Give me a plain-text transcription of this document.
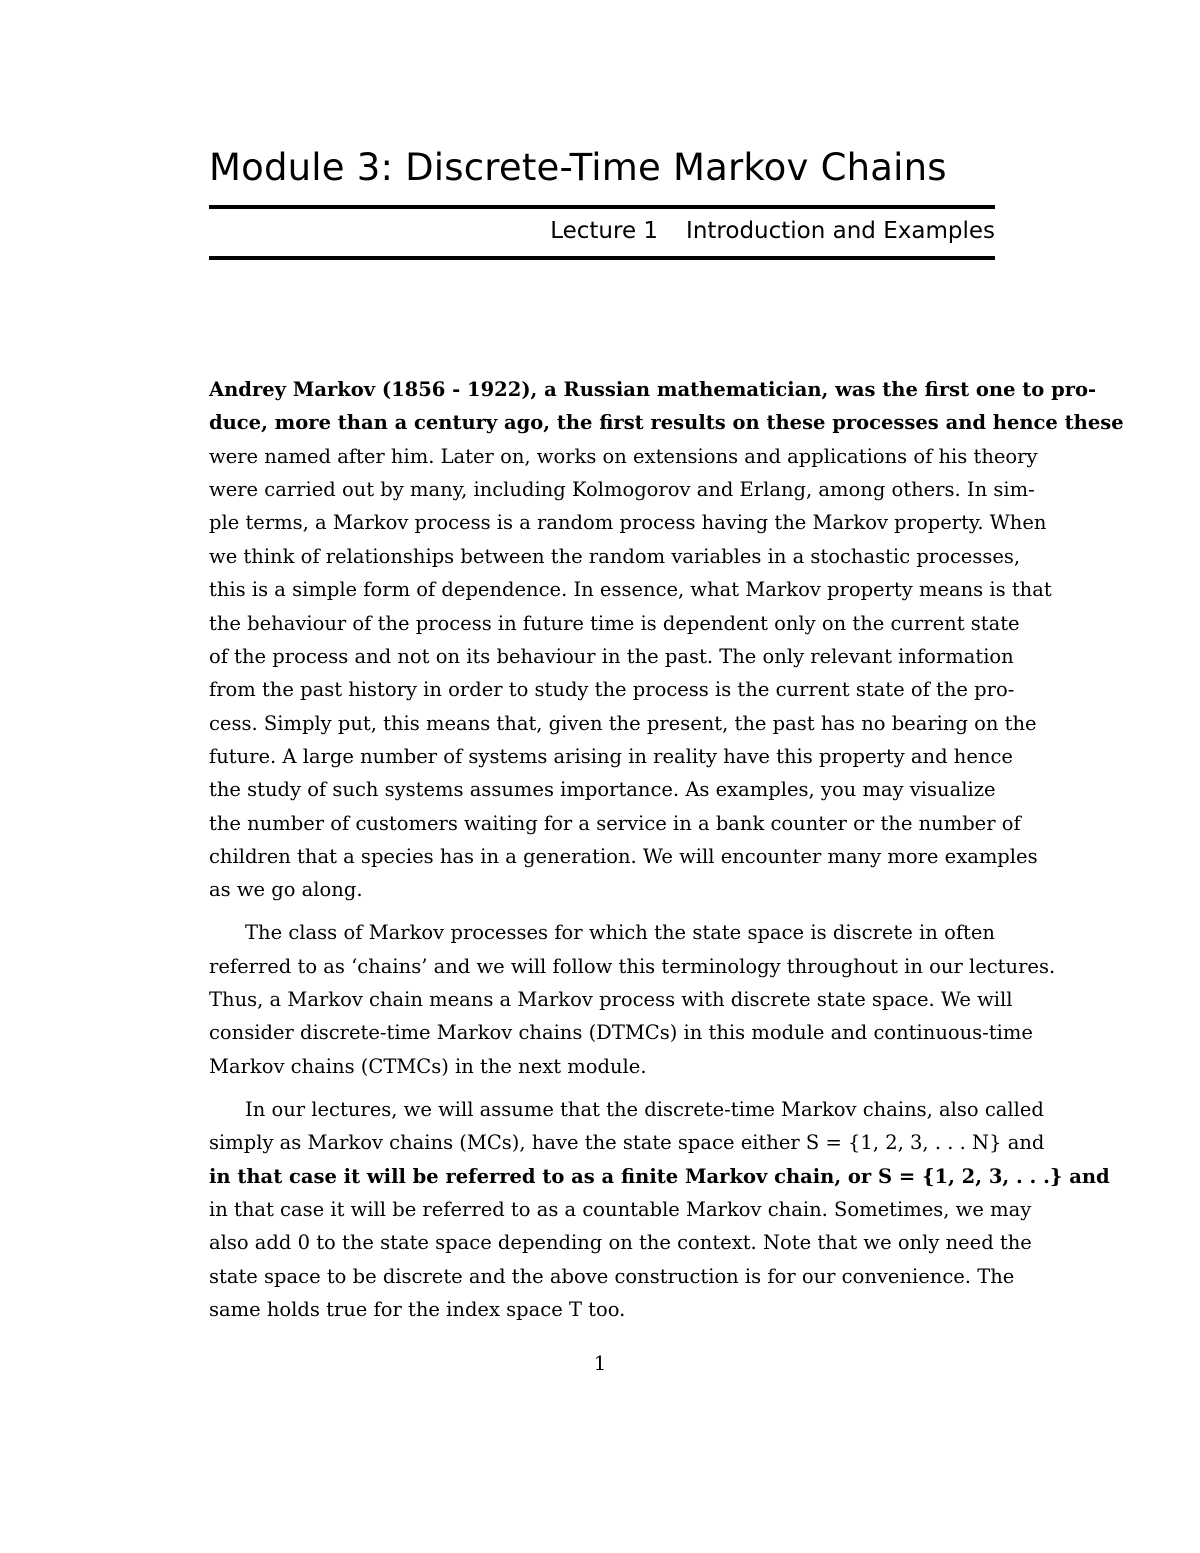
Module 3: Discrete-Time Markov Chains
Lecture 1 Introduction and Examples
Andrey Markov (1856 - 1922), a Russian mathematician, was the first one to pro-
duce, more than a century ago, the first results on these processes and hence these
were named after him. Later on, works on extensions and applications of his theory
were carried out by many, including Kolmogorov and Erlang, among others. In sim-
ple terms, a Markov process is a random process having the Markov property. When
we think of relationships between the random variables in a stochastic processes,
this is a simple form of dependence. In essence, what Markov property means is that
the behaviour of the process in future time is dependent only on the current state
of the process and not on its behaviour in the past. The only relevant information
from the past history in order to study the process is the current state of the pro-
cess. Simply put, this means that, given the present, the past has no bearing on the
future. A large number of systems arising in reality have this property and hence
the study of such systems assumes importance. As examples, you may visualize
the number of customers waiting for a service in a bank counter or the number of
children that a species has in a generation. We will encounter many more examples
as we go along.
The class of Markov processes for which the state space is discrete in often
referred to as ‘chains’ and we will follow this terminology throughout in our lectures.
Thus, a Markov chain means a Markov process with discrete state space. We will
consider discrete-time Markov chains (DTMCs) in this module and continuous-time
Markov chains (CTMCs) in the next module.
In our lectures, we will assume that the discrete-time Markov chains, also called
simply as Markov chains (MCs), have the state space either S = {1, 2, 3, . . . N} and
in that case it will be referred to as a finite Markov chain, or S = {1, 2, 3, . . .} and
in that case it will be referred to as a countable Markov chain. Sometimes, we may
also add 0 to the state space depending on the context. Note that we only need the
state space to be discrete and the above construction is for our convenience. The
same holds true for the index space T too.
1
